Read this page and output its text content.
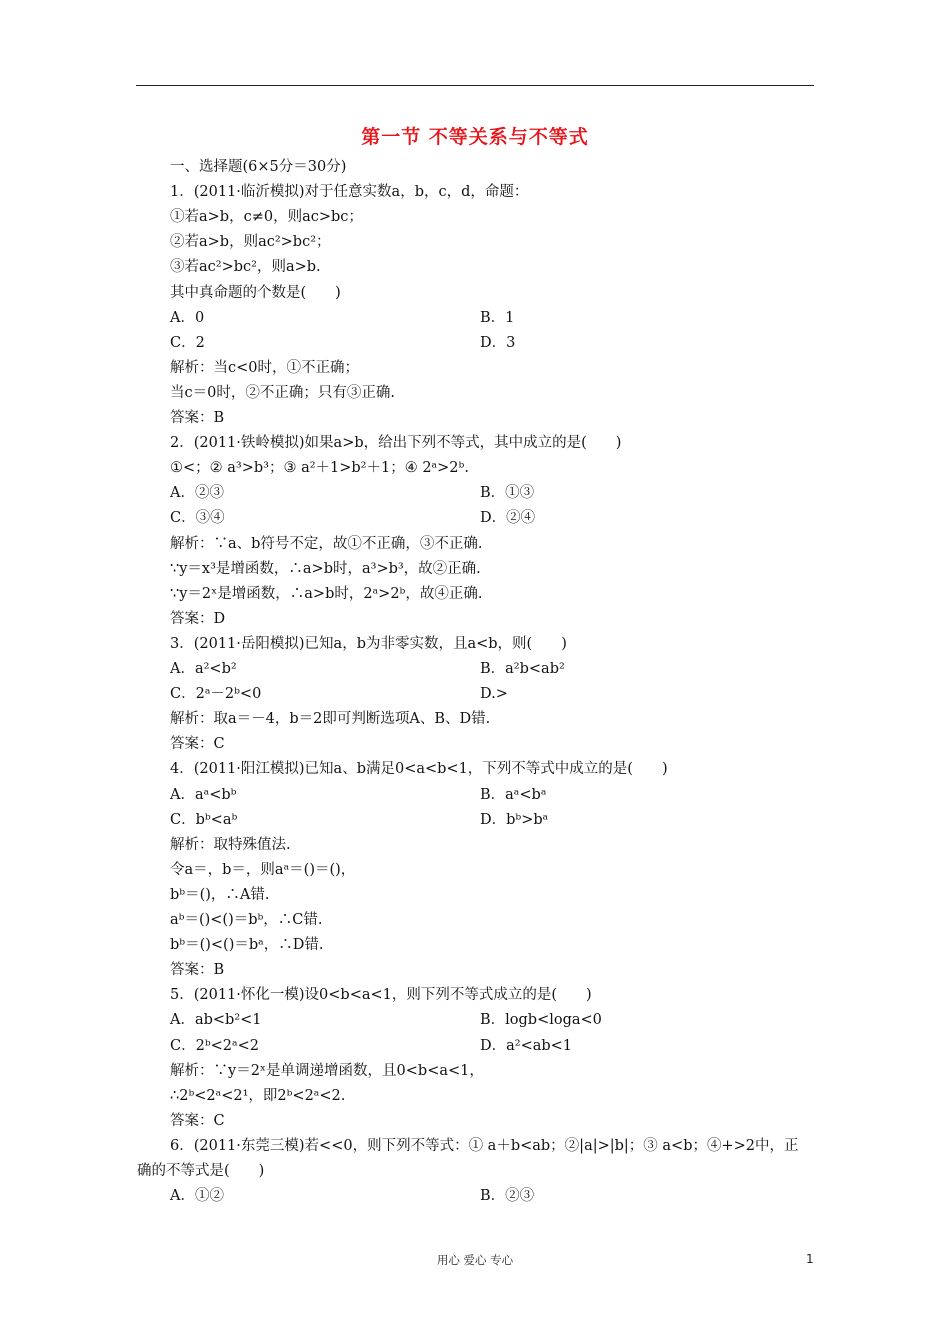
第一节 不等关系与不等式
一、选择题(6×5分＝30分)
1．(2011·临沂模拟)对于任意实数a，b，c，d，命题：
①若a>b，c≠0，则ac>bc；
②若a>b，则ac²>bc²；
③若ac²>bc²，则a>b.
其中真命题的个数是(　　)
A．0	B．1
C．2	D．3
解析：当c<0时，①不正确；
当c＝0时，②不正确；只有③正确.
答案：B
2．(2011·铁岭模拟)如果a>b，给出下列不等式，其中成立的是(　　)
①<；② a³>b³；③ a²＋1>b²＋1；④ 2ᵃ>2ᵇ.
A．②③	B．①③
C．③④	D．②④
解析：∵a、b符号不定，故①不正确，③不正确.
∵y＝x³是增函数，∴a>b时，a³>b³，故②正确.
∵y＝2ˣ是增函数，∴a>b时，2ᵃ>2ᵇ，故④正确.
答案：D
3．(2011·岳阳模拟)已知a，b为非零实数，且a<b，则(　　)
A．a²<b²	B．a²b<ab²
C．2ᵃ－2ᵇ<0	D.>
解析：取a＝－4，b＝2即可判断选项A、B、D错.
答案：C
4．(2011·阳江模拟)已知a、b满足0<a<b<1，下列不等式中成立的是(　　)
A．aᵃ<bᵇ	B．aᵃ<bᵃ
C．bᵇ<aᵇ	D．bᵇ>bᵃ
解析：取特殊值法.
令a＝，b＝，则aᵃ＝()＝()，
bᵇ＝()，∴A错.
aᵇ＝()<()＝bᵇ，∴C错.
bᵇ＝()<()＝bᵃ，∴D错.
答案：B
5．(2011·怀化一模)设0<b<a<1，则下列不等式成立的是(　　)
A．ab<b²<1	B．logb<loga<0
C．2ᵇ<2ᵃ<2	D．a²<ab<1
解析：∵y＝2ˣ是单调递增函数，且0<b<a<1，
∴2ᵇ<2ᵃ<2¹，即2ᵇ<2ᵃ<2.
答案：C
6．(2011·东莞三模)若<<0，则下列不等式：① a＋b<ab；②|a|>|b|；③ a<b；④+>2中，正
确的不等式是(　　)
A．①②	B．②③
用心 爱心 专心	1
